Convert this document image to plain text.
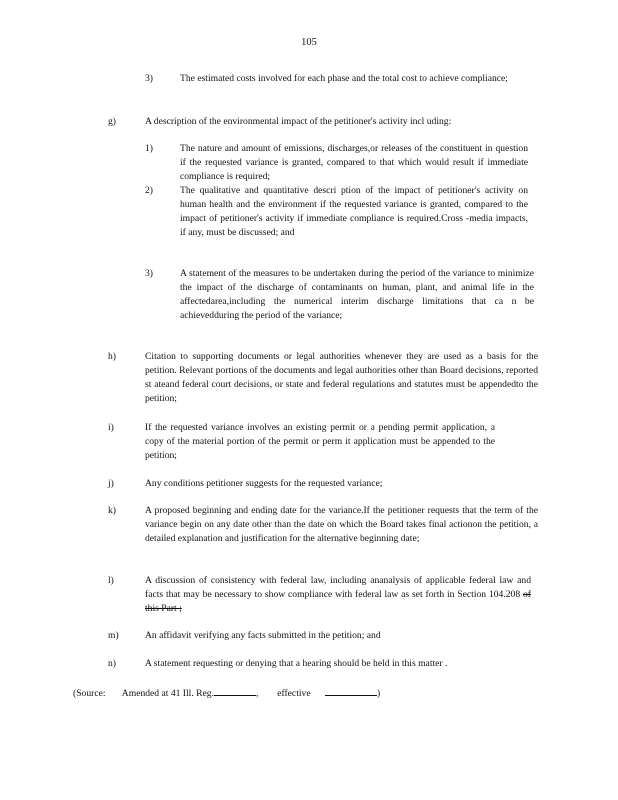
105
3)	The estimated costs involved for each phase and the total cost to achieve compliance;
g)	A description of the environmental impact of the petitioner's activity incl uding:
1)	The nature and amount of emissions, discharges,or releases of the constituent in question if the requested variance is granted, compared to that which would result if immediate compliance is required;
2)	The qualitative and quantitative descri ption of the impact of petitioner's activity on human health and the environment if the requested variance is granted, compared to the impact of petitioner's activity if immediate compliance is required.Cross -media impacts, if any, must be discussed; and
3)	A statement of the measures to be undertaken during the period of the variance to minimize the impact of the discharge of contaminants on human, plant, and animal life in the affectedarea,including the numerical interim discharge limitations that ca n be achievedduring the period of the variance;
h)	Citation to supporting documents or legal authorities whenever they are used as a basis for the petition. Relevant portions of the documents and legal authorities other than Board decisions, reported st ateand federal court decisions, or state and federal regulations and statutes must be appendedto the petition;
i)	If the requested variance involves an existing permit or a pending permit application, a copy of the material portion of the permit or perm it application must be appended to the petition;
j)	Any conditions petitioner suggests for the requested variance;
k)	A proposed beginning and ending date for the variance.If the petitioner requests that the term of the variance begin on any date other than the date on which the Board takes final actionon the petition, a detailed explanation and justification for the alternative beginning date;
l)	A discussion of consistency with federal law, including ananalysis of applicable federal law and facts that may be necessary to show compliance with federal law as set forth in Section 104.208 of this Part ;
m)	An affidavit verifying any facts submitted in the petition; and
n)	A statement requesting or denying that a hearing should be held in this matter .
(Source: Amended at 41 Ill. Reg.	, effective	)
